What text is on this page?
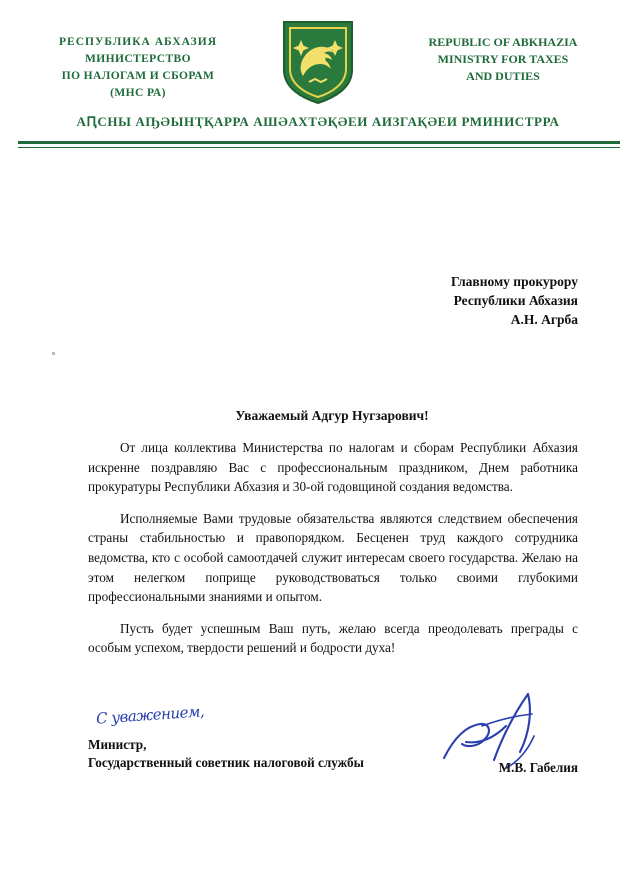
РЕСПУБЛИКА АБХАЗИЯ
МИНИСТЕРСТВО
ПО НАЛОГАМ И СБОРАМ
(МНС РА)
REPUBLIC OF ABKHAZIA
MINISTRY FOR TAXES
AND DUTIES
АԤСНЫ АҦӘЫНҬҚАРРА АШӘАХТӘҚӘЕИ АИЗГАҚӘЕИ РМИНИСТРРА
Главному прокурору
Республики Абхазия
А.Н. Агрба
Уважаемый Адгур Нугзарович!

От лица коллектива Министерства по налогам и сборам Республики Абхазия искренне поздравляю Вас с профессиональным праздником, Днем работника прокуратуры Республики Абхазия и 30-ой годовщиной создания ведомства.

Исполняемые Вами трудовые обязательства являются следствием обеспечения страны стабильностью и правопорядком. Бесценен труд каждого сотрудника ведомства, кто с особой самоотдачей служит интересам своего государства. Желаю на этом нелегком поприще руководствоваться только своими глубокими профессиональными знаниями и опытом.

Пусть будет успешным Ваш путь, желаю всегда преодолевать преграды с особым успехом, твердости решений и бодрости духа!

С уважением,
Министр,
Государственный советник налоговой службы	М.В. Габелия
